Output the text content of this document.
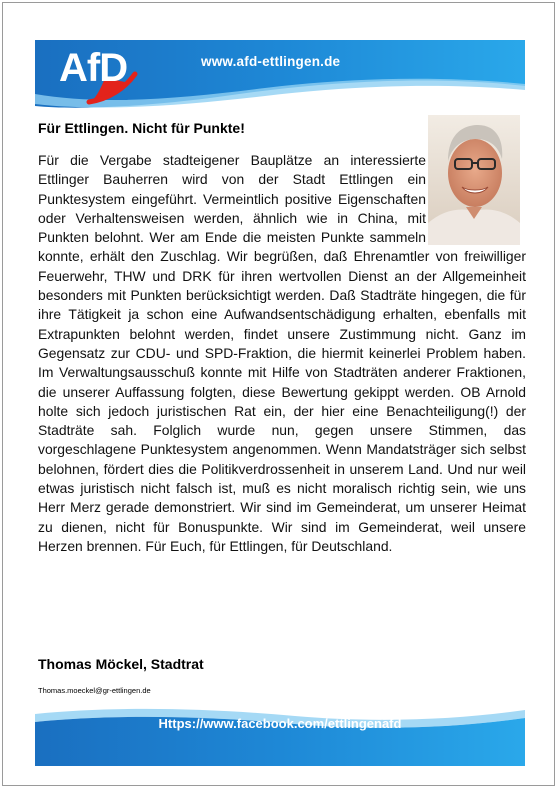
AfD	www.afd-ettlingen.de
Für Ettlingen. Nicht für Punkte!
Für die Vergabe stadteigener Bauplätze an interessierte Ettlinger Bauherren wird von der Stadt Ettlingen ein Punktesystem eingeführt. Vermeintlich positive Eigenschaften oder Verhaltensweisen werden, ähnlich wie in China, mit Punkten belohnt. Wer am Ende die meisten Punkte sammeln konnte, erhält den Zuschlag. Wir begrüßen, daß Ehrenamtler von freiwilliger Feuerwehr, THW und DRK für ihren wertvollen Dienst an der Allgemeinheit besonders mit Punkten berücksichtigt werden. Daß Stadträte hingegen, die für ihre Tätigkeit ja schon eine Aufwandsentschädigung erhalten, ebenfalls mit Extrapunkten belohnt werden, findet unsere Zustimmung nicht. Ganz im Gegensatz zur CDU- und SPD-Fraktion, die hiermit keinerlei Problem haben. Im Verwaltungsausschuß konnte mit Hilfe von Stadträten anderer Fraktionen, die unserer Auffassung folgten, diese Bewertung gekippt werden. OB Arnold holte sich jedoch juristischen Rat ein, der hier eine Benachteiligung(!) der Stadträte sah. Folglich wurde nun, gegen unsere Stimmen, das vorgeschlagene Punktesystem angenommen. Wenn Mandatsträger sich selbst belohnen, fördert dies die Politikverdrossenheit in unserem Land. Und nur weil etwas juristisch nicht falsch ist, muß es nicht moralisch richtig sein, wie uns Herr Merz gerade demonstriert. Wir sind im Gemeinderat, um unserer Heimat zu dienen, nicht für Bonuspunkte. Wir sind im Gemeinderat, weil unsere Herzen brennen. Für Euch, für Ettlingen, für Deutschland.
Thomas Möckel, Stadtrat
Thomas.moeckel@gr-ettlingen.de
Https://www.facebook.com/ettlingenafd
